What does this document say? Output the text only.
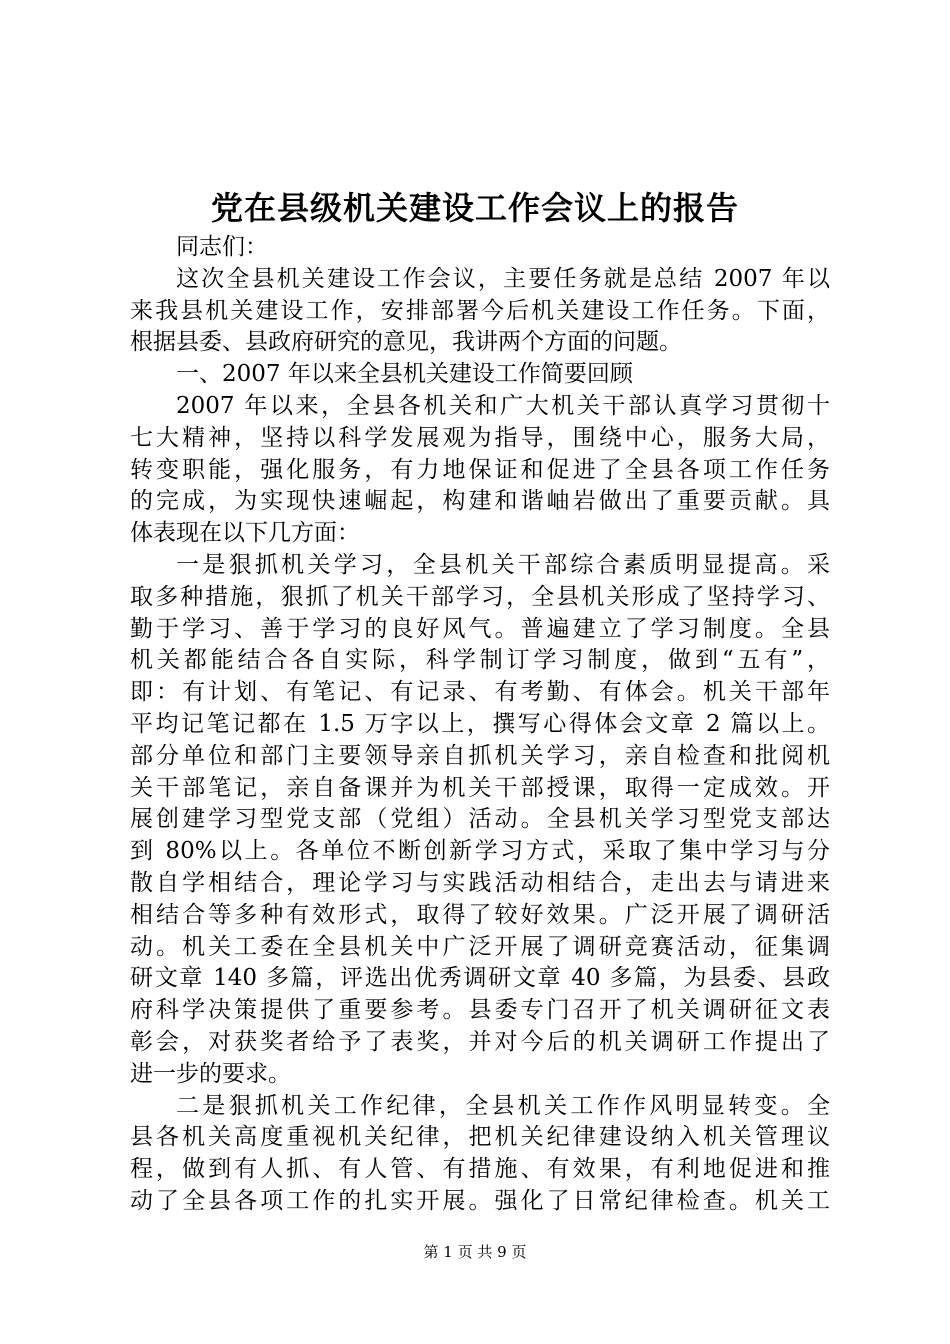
党在县级机关建设工作会议上的报告
同志们：
这次全县机关建设工作会议，主要任务就是总结 2007 年以
来我县机关建设工作，安排部署今后机关建设工作任务。下面，
根据县委、县政府研究的意见，我讲两个方面的问题。
一、2007 年以来全县机关建设工作简要回顾
2007 年以来，全县各机关和广大机关干部认真学习贯彻十
七大精神，坚持以科学发展观为指导，围绕中心，服务大局，
转变职能，强化服务，有力地保证和促进了全县各项工作任务
的完成，为实现快速崛起，构建和谐岫岩做出了重要贡献。具
体表现在以下几方面：
一是狠抓机关学习，全县机关干部综合素质明显提高。采
取多种措施，狠抓了机关干部学习，全县机关形成了坚持学习、
勤于学习、善于学习的良好风气。普遍建立了学习制度。全县
机关都能结合各自实际，科学制订学习制度，做到“五有”，
即：有计划、有笔记、有记录、有考勤、有体会。机关干部年
平均记笔记都在 1.5 万字以上，撰写心得体会文章 2 篇以上。
部分单位和部门主要领导亲自抓机关学习，亲自检查和批阅机
关干部笔记，亲自备课并为机关干部授课，取得一定成效。开
展创建学习型党支部（党组）活动。全县机关学习型党支部达
到 80%以上。各单位不断创新学习方式，采取了集中学习与分
散自学相结合，理论学习与实践活动相结合，走出去与请进来
相结合等多种有效形式，取得了较好效果。广泛开展了调研活
动。机关工委在全县机关中广泛开展了调研竞赛活动，征集调
研文章 140 多篇，评选出优秀调研文章 40 多篇，为县委、县政
府科学决策提供了重要参考。县委专门召开了机关调研征文表
彰会，对获奖者给予了表奖，并对今后的机关调研工作提出了
进一步的要求。
二是狠抓机关工作纪律，全县机关工作作风明显转变。全
县各机关高度重视机关纪律，把机关纪律建设纳入机关管理议
程，做到有人抓、有人管、有措施、有效果，有利地促进和推
动了全县各项工作的扎实开展。强化了日常纪律检查。机关工
第 1 页 共 9 页
